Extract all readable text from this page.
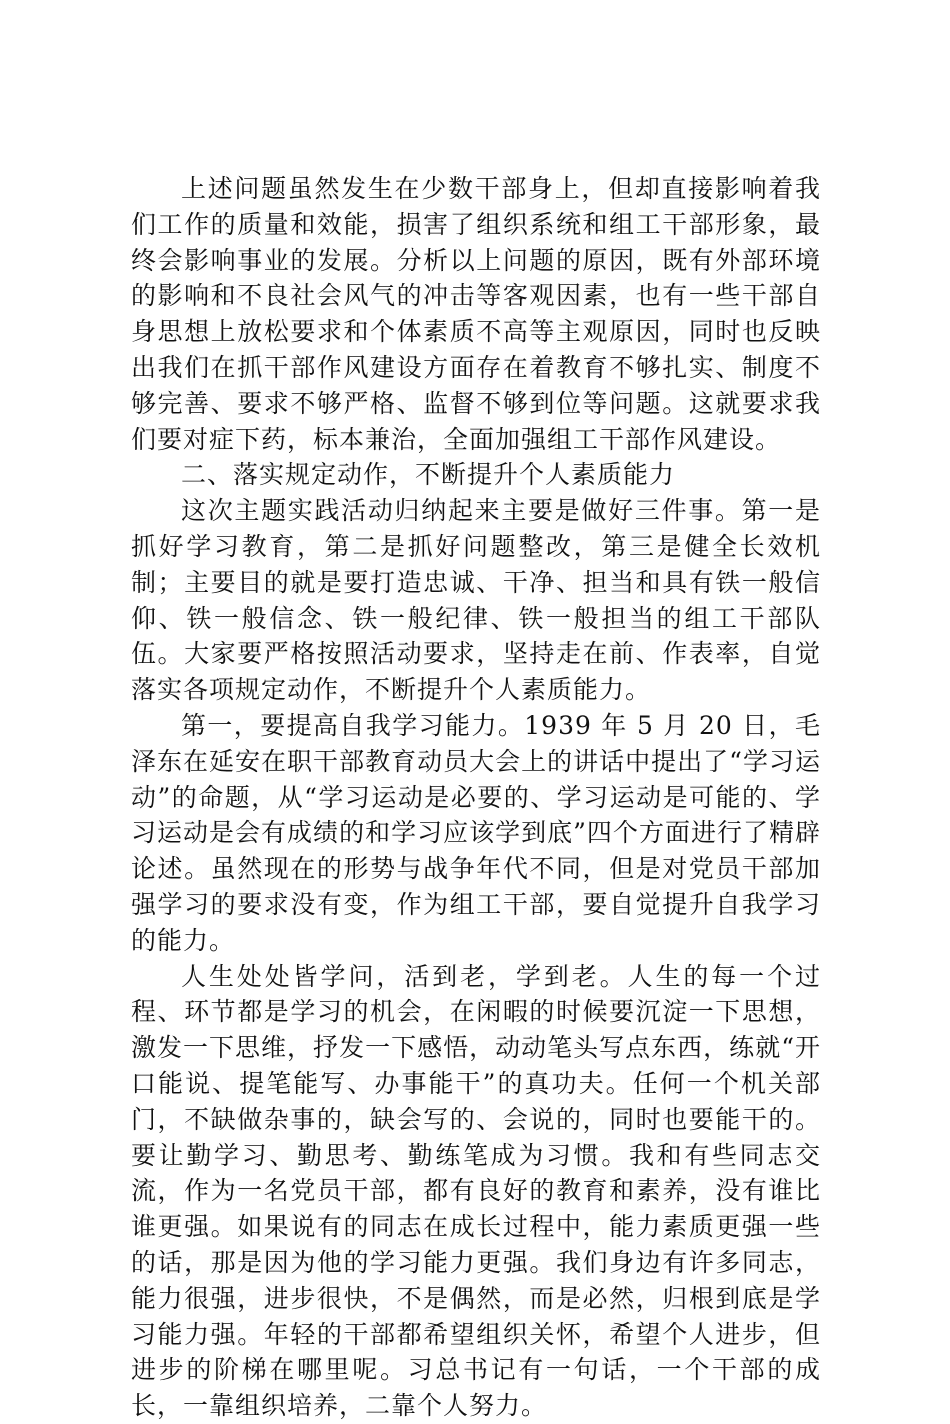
上述问题虽然发生在少数干部身上，但却直接影响着我们工作的质量和效能，损害了组织系统和组工干部形象，最终会影响事业的发展。分析以上问题的原因，既有外部环境的影响和不良社会风气的冲击等客观因素，也有一些干部自身思想上放松要求和个体素质不高等主观原因，同时也反映出我们在抓干部作风建设方面存在着教育不够扎实、制度不够完善、要求不够严格、监督不够到位等问题。这就要求我们要对症下药，标本兼治，全面加强组工干部作风建设。

二、落实规定动作，不断提升个人素质能力

这次主题实践活动归纳起来主要是做好三件事。第一是抓好学习教育，第二是抓好问题整改，第三是健全长效机制；主要目的就是要打造忠诚、干净、担当和具有铁一般信仰、铁一般信念、铁一般纪律、铁一般担当的组工干部队伍。大家要严格按照活动要求，坚持走在前、作表率，自觉落实各项规定动作，不断提升个人素质能力。

第一，要提高自我学习能力。1939 年 5 月 20 日，毛泽东在延安在职干部教育动员大会上的讲话中提出了“学习运动”的命题，从“学习运动是必要的、学习运动是可能的、学习运动是会有成绩的和学习应该学到底”四个方面进行了精辟论述。虽然现在的形势与战争年代不同，但是对党员干部加强学习的要求没有变，作为组工干部，要自觉提升自我学习的能力。

人生处处皆学问，活到老，学到老。人生的每一个过程、环节都是学习的机会，在闲暇的时候要沉淀一下思想，激发一下思维，抒发一下感悟，动动笔头写点东西，练就“开口能说、提笔能写、办事能干”的真功夫。任何一个机关部门，不缺做杂事的，缺会写的、会说的，同时也要能干的。要让勤学习、勤思考、勤练笔成为习惯。我和有些同志交流，作为一名党员干部，都有良好的教育和素养，没有谁比谁更强。如果说有的同志在成长过程中，能力素质更强一些的话，那是因为他的学习能力更强。我们身边有许多同志，能力很强，进步很快，不是偶然，而是必然，归根到底是学习能力强。年轻的干部都希望组织关怀，希望个人进步，但进步的阶梯在哪里呢。习总书记有一句话，一个干部的成长，一靠组织培养，二靠个人努力。
